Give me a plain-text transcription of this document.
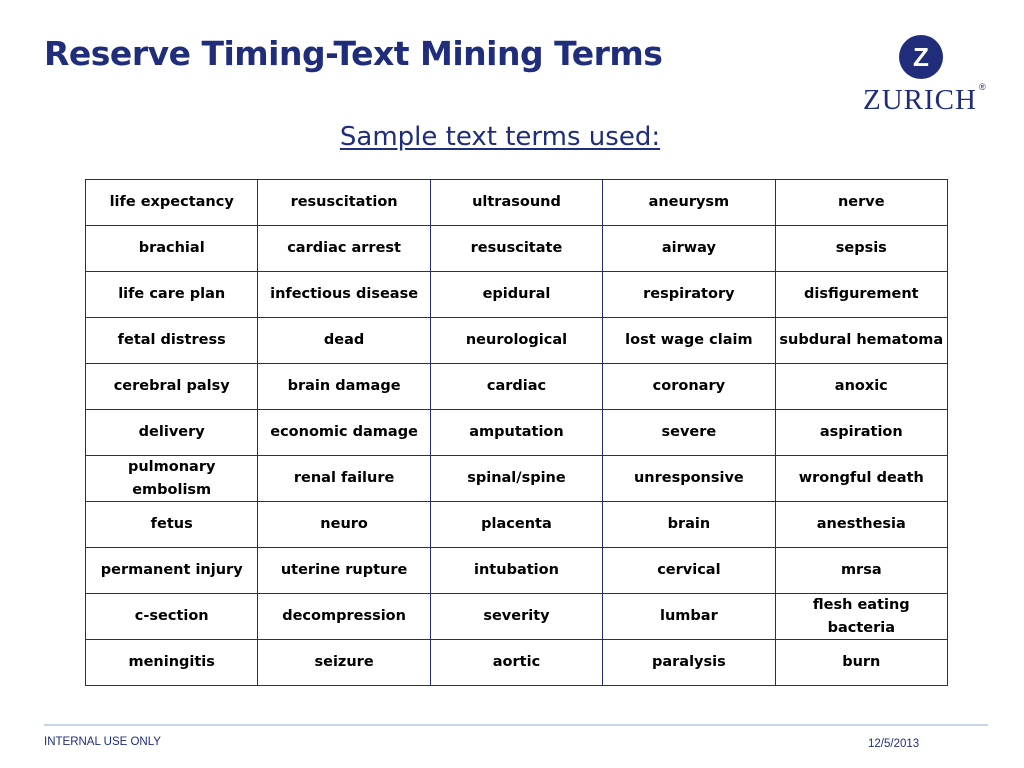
Reserve Timing-Text Mining Terms	Z
ZURICH ®
Sample text terms used:
life expectancy	resuscitation	ultrasound	aneurysm	nerve
brachial	cardiac arrest	resuscitate	airway	sepsis
life care plan	infectious disease	epidural	respiratory	disfigurement
fetal distress	dead	neurological	lost wage claim	subdural hematoma
cerebral palsy	brain damage	cardiac	coronary	anoxic
delivery	economic damage	amputation	severe	aspiration
pulmonary embolism	renal failure	spinal/spine	unresponsive	wrongful death
fetus	neuro	placenta	brain	anesthesia
permanent injury	uterine rupture	intubation	cervical	mrsa
c-section	decompression	severity	lumbar	flesh eating bacteria
meningitis	seizure	aortic	paralysis	burn
INTERNAL USE ONLY	12/5/2013
